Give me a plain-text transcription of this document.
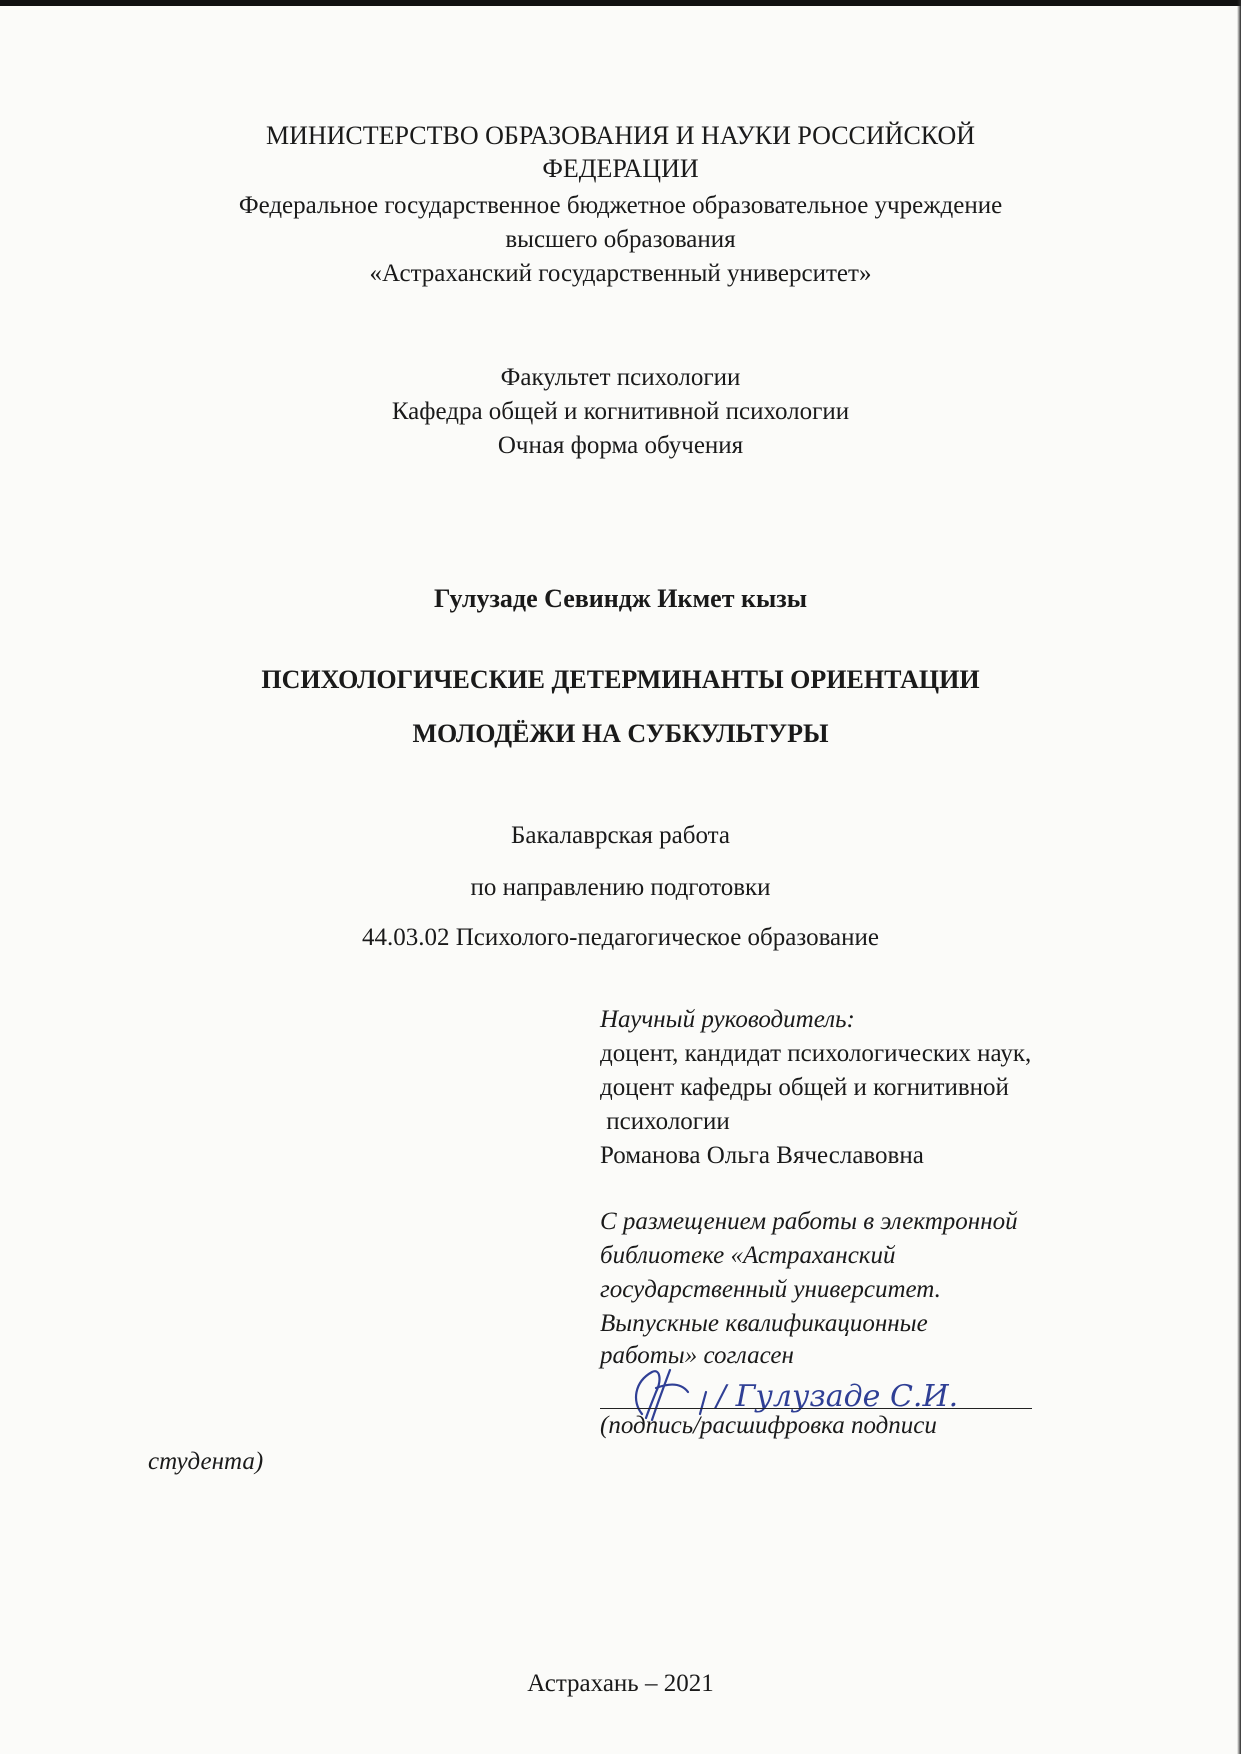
МИНИСТЕРСТВО ОБРАЗОВАНИЯ И НАУКИ РОССИЙСКОЙ
ФЕДЕРАЦИИ
Федеральное государственное бюджетное образовательное учреждение
высшего образования
«Астраханский государственный университет»
Факультет психологии
Кафедра общей и когнитивной психологии
Очная форма обучения
Гулузаде Севиндж Икмет кызы
ПСИХОЛОГИЧЕСКИЕ ДЕТЕРМИНАНТЫ ОРИЕНТАЦИИ
МОЛОДЁЖИ НА СУБКУЛЬТУРЫ
Бакалаврская работа
по направлению подготовки
44.03.02 Психолого-педагогическое образование
Научный руководитель:
доцент, кандидат психологических наук,
доцент кафедры общей и когнитивной
психологии
Романова Ольга Вячеславовна
С размещением работы в электронной
библиотеке «Астраханский
государственный университет.
Выпускные квалификационные
работы» согласен
/ Гулузаде С.И.
(подпись/расшифровка подписи
студента)
Астрахань – 2021
